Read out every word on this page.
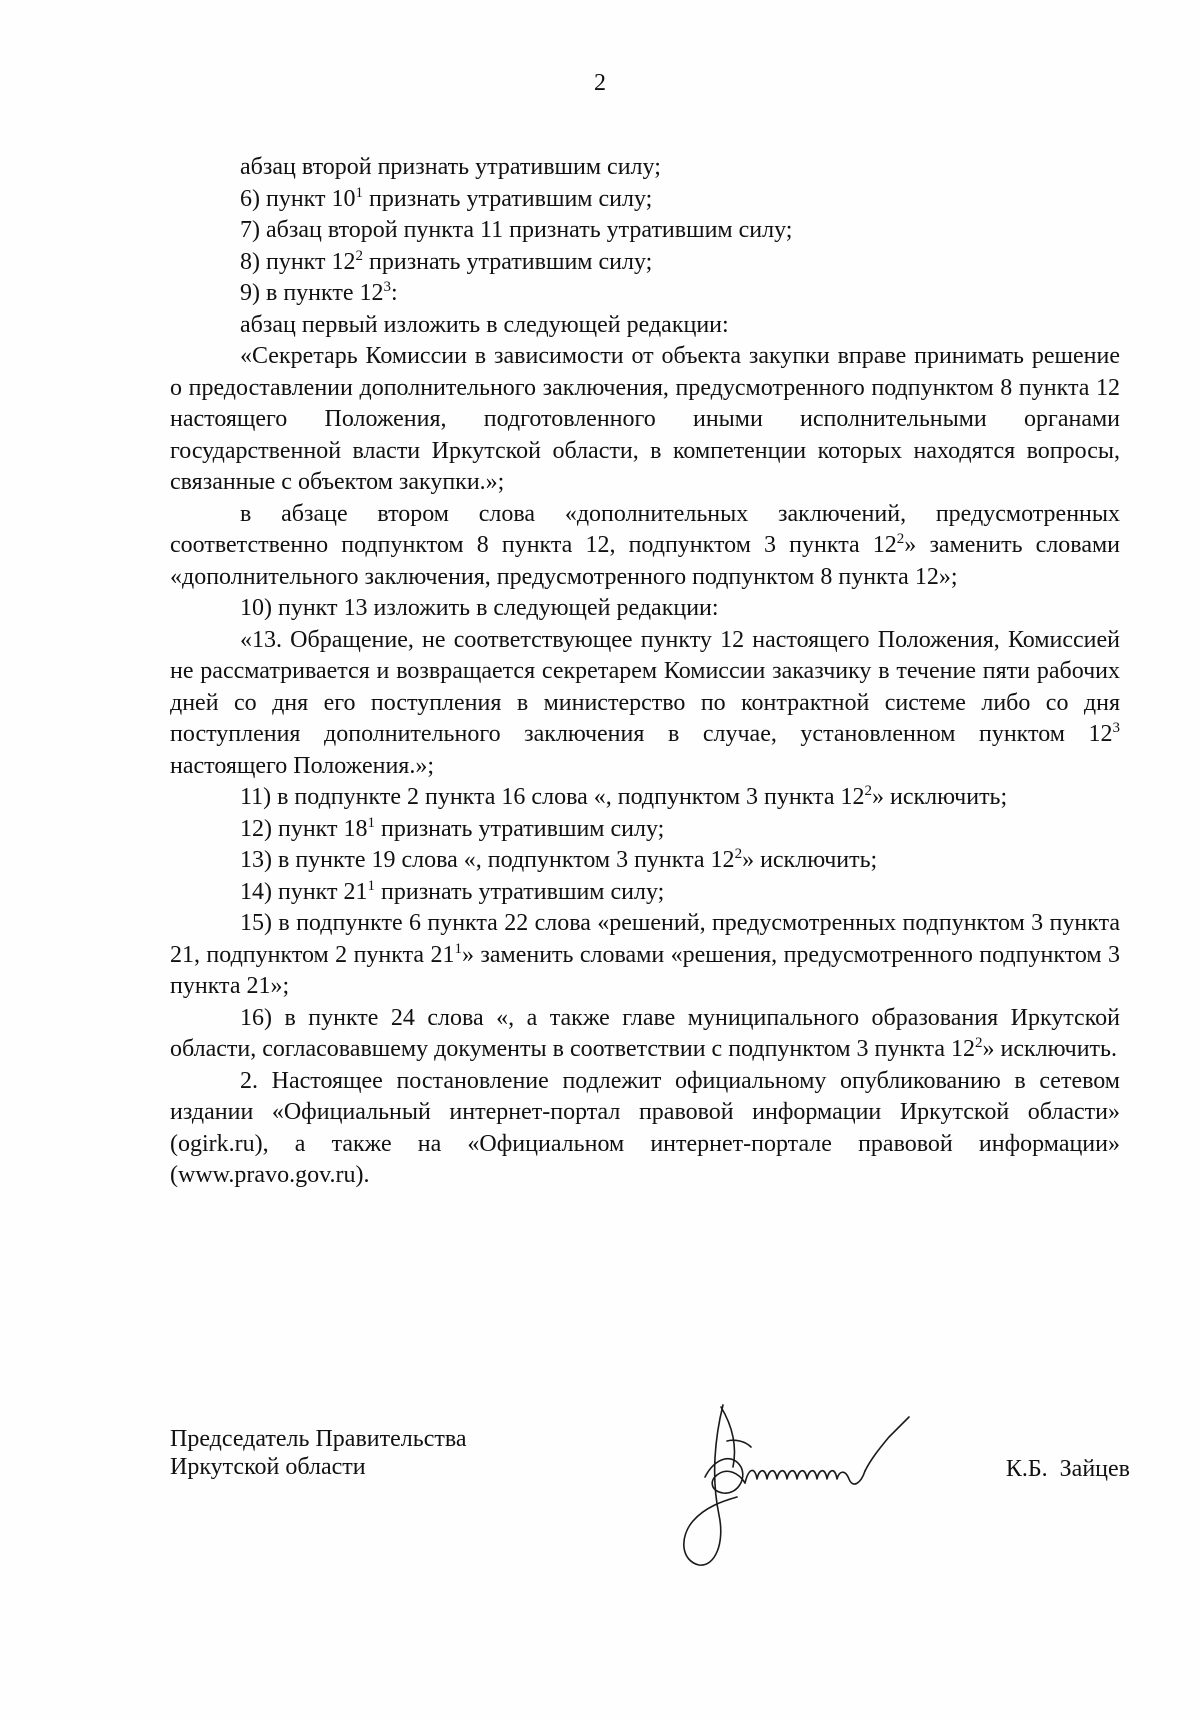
2

абзац второй признать утратившим силу;

6) пункт $10^1$ признать утратившим силу;

7) абзац второй пункта 11 признать утратившим силу;

8) пункт $12^2$ признать утратившим силу;

9) в пункте $12^3$:

абзац первый изложить в следующей редакции:

«Секретарь Комиссии в зависимости от объекта закупки вправе принимать решение о предоставлении дополнительного заключения, предусмотренного подпунктом 8 пункта 12 настоящего Положения, подготовленного иными исполнительными органами государственной власти Иркутской области, в компетенции которых находятся вопросы, связанные с объектом закупки.»;

в абзаце втором слова «дополнительных заключений, предусмотренных соответственно подпунктом 8 пункта 12, подпунктом 3 пункта $12^2$» заменить словами «дополнительного заключения, предусмотренного подпунктом 8 пункта 12»;

10) пункт 13 изложить в следующей редакции:

«13. Обращение, не соответствующее пункту 12 настоящего Положения, Комиссией не рассматривается и возвращается секретарем Комиссии заказчику в течение пяти рабочих дней со дня его поступления в министерство по контрактной системе либо со дня поступления дополнительного заключения в случае, установленном пунктом $12^3$ настоящего Положения.»;

11) в подпункте 2 пункта 16 слова «, подпунктом 3 пункта $12^2$» исключить;

12) пункт $18^1$ признать утратившим силу;

13) в пункте 19 слова «, подпунктом 3 пункта $12^2$» исключить;

14) пункт $21^1$ признать утратившим силу;

15) в подпункте 6 пункта 22 слова «решений, предусмотренных подпунктом 3 пункта 21, подпунктом 2 пункта $21^1$» заменить словами «решения, предусмотренного подпунктом 3 пункта 21»;

16) в пункте 24 слова «, а также главе муниципального образования Иркутской области, согласовавшему документы в соответствии с подпунктом 3 пункта $12^2$» исключить.

2. Настоящее постановление подлежит официальному опубликованию в сетевом издании «Официальный интернет-портал правовой информации Иркутской области» (ogirk.ru), а также на «Официальном интернет-портале правовой информации» (www.pravo.gov.ru).

Председатель Правительства
Иркутской области	К.Б.  Зайцев
